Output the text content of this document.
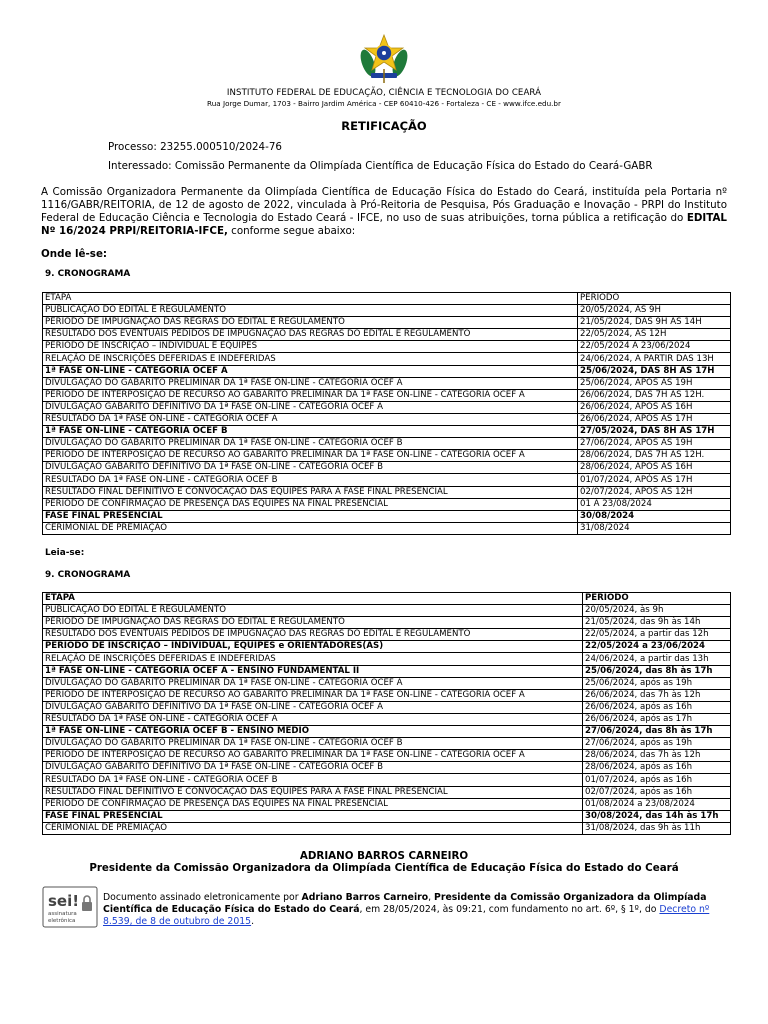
INSTITUTO FEDERAL DE EDUCAÇÃO, CIÊNCIA E TECNOLOGIA DO CEARÁ
Rua Jorge Dumar, 1703 - Bairro Jardim América - CEP 60410-426 - Fortaleza - CE - www.ifce.edu.br
RETIFICAÇÃO
Processo: 23255.000510/2024-76
Interessado: Comissão Permanente da Olimpíada Científica de Educação Física do Estado do Ceará-GABR
A Comissão Organizadora Permanente da Olimpíada Científica de Educação Física do Estado do Ceará, instituída pela Portaria nº 1116/GABR/REITORIA, de 12 de agosto de 2022, vinculada à Pró-Reitoria de Pesquisa, Pós Graduação e Inovação - PRPI do Instituto Federal de Educação Ciência e Tecnologia do Estado Ceará - IFCE, no uso de suas atribuições, torna pública a retificação do EDITAL Nº 16/2024 PRPI/REITORIA-IFCE, conforme segue abaixo:
Onde lê-se:
9. CRONOGRAMA
ETAPA	PERÍODO
PUBLICAÇÃO DO EDITAL E REGULAMENTO	20/05/2024, AS 9H
PERÍODO DE IMPUGNAÇÃO DAS REGRAS DO EDITAL E REGULAMENTO	21/05/2024, DAS 9H ÀS 14H
RESULTADO DOS EVENTUAIS PEDIDOS DE IMPUGNAÇÃO DAS REGRAS DO EDITAL E REGULAMENTO	22/05/2024, ÀS 12H
PERÍODO DE INSCRIÇÃO – INDIVIDUAL E EQUIPES	22/05/2024 A 23/06/2024
RELAÇÃO DE INSCRIÇÕES DEFERIDAS E INDEFERIDAS	24/06/2024, A PARTIR DAS 13H
1ª FASE ON-LINE - CATEGORIA OCEF A	25/06/2024, DAS 8H ÀS 17H
DIVULGAÇÃO DO GABARITO PRELIMINAR DA 1ª FASE ON-LINE - CATEGORIA OCEF A	25/06/2024, APÓS AS 19H
PERÍODO DE INTERPOSIÇÃO DE RECURSO AO GABARITO PRELIMINAR DA 1ª FASE ON-LINE - CATEGORIA OCEF A	26/06/2024, DAS 7H ÀS 12H.
DIVULGAÇÃO GABARITO DEFINITIVO DA 1ª FASE ON-LINE - CATEGORIA OCEF A	26/06/2024, APÓS AS 16H
RESULTADO DA 1ª FASE ON-LINE - CATEGORIA OCEF A	26/06/2024, APÓS AS 17H
1ª FASE ON-LINE - CATEGORIA OCEF B	27/05/2024, DAS 8H ÀS 17H
DIVULGAÇÃO DO GABARITO PRELIMINAR DA 1ª FASE ON-LINE - CATEGORIA OCEF B	27/06/2024, APÓS AS 19H
PERÍODO DE INTERPOSIÇÃO DE RECURSO AO GABARITO PRELIMINAR DA 1ª FASE ON-LINE - CATEGORIA OCEF A	28/06/2024, DAS 7H ÀS 12H.
DIVULGAÇÃO GABARITO DEFINITIVO DA 1ª FASE ON-LINE - CATEGORIA OCEF B	28/06/2024, APÓS AS 16H
RESULTADO DA 1ª FASE ON-LINE - CATEGORIA OCEF B	01/07/2024, APÓS AS 17H
RESULTADO FINAL DEFINITIVO E CONVOCAÇÃO DAS EQUIPES PARA A FASE FINAL PRESENCIAL	02/07/2024, APÓS AS 12H
PERÍODO DE CONFIRMAÇÃO DE PRESENÇA DAS EQUIPES NA FINAL PRESENCIAL	01 A 23/08/2024
FASE FINAL PRESENCIAL	30/08/2024
CERIMONIAL DE PREMIAÇÃO	31/08/2024
Leia-se:
9. CRONOGRAMA
ETAPA	PERÍODO
PUBLICAÇÃO DO EDITAL E REGULAMENTO	20/05/2024, às 9h
PERÍODO DE IMPUGNAÇÃO DAS REGRAS DO EDITAL E REGULAMENTO	21/05/2024, das 9h às 14h
RESULTADO DOS EVENTUAIS PEDIDOS DE IMPUGNAÇÃO DAS REGRAS DO EDITAL E REGULAMENTO	22/05/2024, a partir das 12h
PERÍODO DE INSCRIÇÃO – INDIVIDUAL, EQUIPES e ORIENTADORES(AS)	22/05/2024 a 23/06/2024
RELAÇÃO DE INSCRIÇÕES DEFERIDAS E INDEFERIDAS	24/06/2024, a partir das 13h
1ª FASE ON-LINE - CATEGORIA OCEF A - ENSINO FUNDAMENTAL II	25/06/2024, das 8h às 17h
DIVULGAÇÃO DO GABARITO PRELIMINAR DA 1ª FASE ON-LINE - CATEGORIA OCEF A	25/06/2024, após as 19h
PERÍODO DE INTERPOSIÇÃO DE RECURSO AO GABARITO PRELIMINAR DA 1ª FASE ON-LINE - CATEGORIA OCEF A	26/06/2024, das 7h às 12h
DIVULGAÇÃO GABARITO DEFINITIVO DA 1ª FASE ON-LINE - CATEGORIA OCEF A	26/06/2024, após as 16h
RESULTADO DA 1ª FASE ON-LINE - CATEGORIA OCEF A	26/06/2024, após as 17h
1ª FASE ON-LINE - CATEGORIA OCEF B - ENSINO MÉDIO	27/06/2024, das 8h às 17h
DIVULGAÇÃO DO GABARITO PRELIMINAR DA 1ª FASE ON-LINE - CATEGORIA OCEF B	27/06/2024, após as 19h
PERÍODO DE INTERPOSIÇÃO DE RECURSO AO GABARITO PRELIMINAR DA 1ª FASE ON-LINE - CATEGORIA OCEF A	28/06/2024, das 7h às 12h
DIVULGAÇÃO GABARITO DEFINITIVO DA 1ª FASE ON-LINE - CATEGORIA OCEF B	28/06/2024, após as 16h
RESULTADO DA 1ª FASE ON-LINE - CATEGORIA OCEF B	01/07/2024, após as 16h
RESULTADO FINAL DEFINITIVO E CONVOCAÇÃO DAS EQUIPES PARA A FASE FINAL PRESENCIAL	02/07/2024, após as 16h
PERÍODO DE CONFIRMAÇÃO DE PRESENÇA DAS EQUIPES NA FINAL PRESENCIAL	01/08/2024 a 23/08/2024
FASE FINAL PRESENCIAL	30/08/2024, das 14h às 17h
CERIMONIAL DE PREMIAÇÃO	31/08/2024, das 9h às 11h
ADRIANO BARROS CARNEIRO
Presidente da Comissão Organizadora da Olimpíada Científica de Educação Física do Estado do Ceará
sei!
assinatura
eletrônica
Documento assinado eletronicamente por Adriano Barros Carneiro, Presidente da Comissão Organizadora da Olimpíada Científica de Educação Física do Estado do Ceará, em 28/05/2024, às 09:21, com fundamento no art. 6º, § 1º, do Decreto nº 8.539, de 8 de outubro de 2015.
